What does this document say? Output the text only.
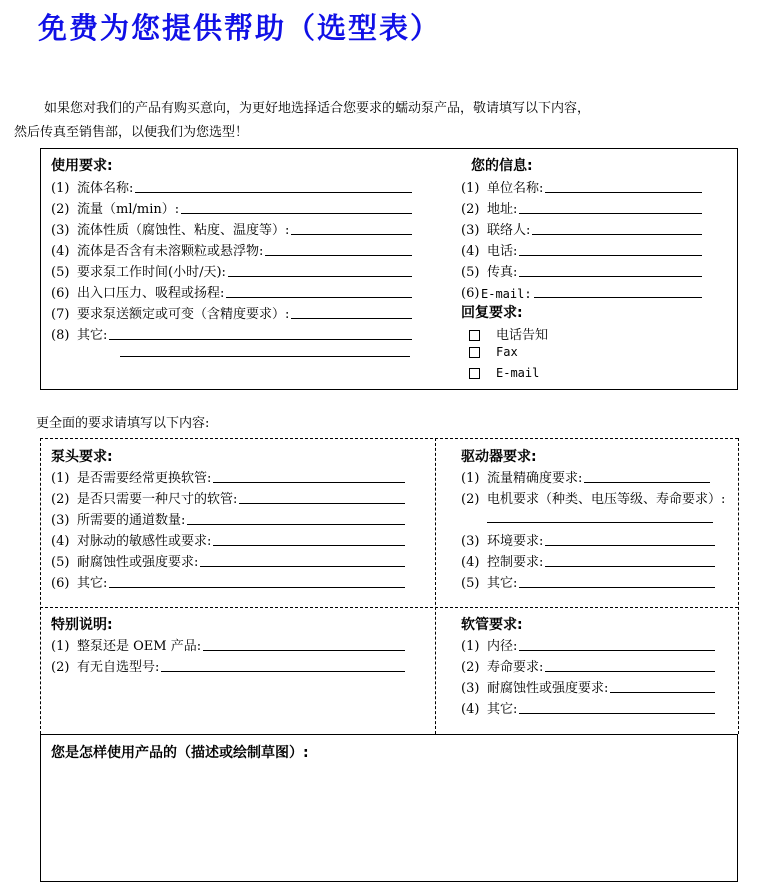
免费为您提供帮助（选型表）
如果您对我们的产品有购买意向，为更好地选择适合您要求的蠕动泵产品，敬请填写以下内容，
然后传真至销售部，以便我们为您选型！
使用要求:
(1) 流体名称:
(2) 流量（ml/min）:
(3) 流体性质（腐蚀性、粘度、温度等）:
(4) 流体是否含有未溶颗粒或悬浮物:
(5) 要求泵工作时间(小时/天):
(6) 出入口压力、吸程或扬程:
(7) 要求泵送额定或可变（含精度要求）:
(8) 其它:
您的信息:
(1) 单位名称:
(2) 地址:
(3) 联络人:
(4) 电话:
(5) 传真:
(6) E-mail:
回复要求:
电话告知
Fax
E-mail
更全面的要求请填写以下内容:
泵头要求:
(1) 是否需要经常更换软管:
(2) 是否只需要一种尺寸的软管:
(3) 所需要的通道数量:
(4) 对脉动的敏感性或要求:
(5) 耐腐蚀性或强度要求:
(6) 其它:
驱动器要求:
(1) 流量精确度要求:
(2) 电机要求（种类、电压等级、寿命要求）:
(3) 环境要求:
(4) 控制要求:
(5) 其它:
特别说明:
(1) 整泵还是 OEM 产品:
(2) 有无自选型号:
软管要求:
(1) 内径:
(2) 寿命要求:
(3) 耐腐蚀性或强度要求:
(4) 其它:
您是怎样使用产品的（描述或绘制草图）:
